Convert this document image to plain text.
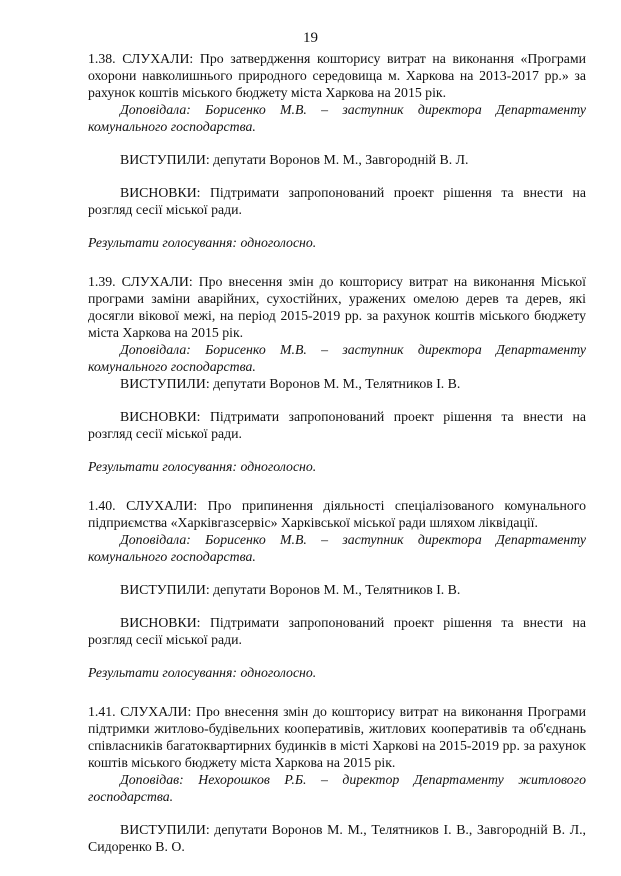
19

1.38. СЛУХАЛИ: Про затвердження кошторису витрат на виконання «Програми охорони навколишнього природного середовища м. Харкова на 2013-2017 рр.» за рахунок коштів міського бюджету міста Харкова на 2015 рік.

Доповідала: Борисенко М.В. – заступник директора Департаменту комунального господарства.

ВИСТУПИЛИ: депутати Воронов М. М., Завгородній В. Л.

ВИСНОВКИ: Підтримати запропонований проект рішення та внести на розгляд сесії міської ради.

Результати голосування: одноголосно.

1.39. СЛУХАЛИ: Про внесення змін до кошторису витрат на виконання Міської програми заміни аварійних, сухостійних, уражених омелою дерев та дерев, які досягли вікової межі, на період 2015-2019 рр. за рахунок коштів міського бюджету міста Харкова на 2015 рік.

Доповідала: Борисенко М.В. – заступник директора Департаменту комунального господарства.

ВИСТУПИЛИ: депутати Воронов М. М., Телятников І. В.

ВИСНОВКИ: Підтримати запропонований проект рішення та внести на розгляд сесії міської ради.

Результати голосування: одноголосно.

1.40. СЛУХАЛИ: Про припинення діяльності спеціалізованого комунального підприємства «Харківгазсервіс» Харківської міської ради шляхом ліквідації.

Доповідала: Борисенко М.В. – заступник директора Департаменту комунального господарства.

ВИСТУПИЛИ: депутати Воронов М. М., Телятников І. В.

ВИСНОВКИ: Підтримати запропонований проект рішення та внести на розгляд сесії міської ради.

Результати голосування: одноголосно.

1.41. СЛУХАЛИ: Про внесення змін до кошторису витрат на виконання Програми підтримки житлово-будівельних кооперативів, житлових кооперативів та об'єднань співласників багатоквартирних будинків в місті Харкові на 2015-2019 рр. за рахунок коштів міського бюджету міста Харкова на 2015 рік.

Доповідав: Нехорошков Р.Б. – директор Департаменту житлового господарства.

ВИСТУПИЛИ: депутати Воронов М. М., Телятников І. В., Завгородній В. Л., Сидоренко В. О.
